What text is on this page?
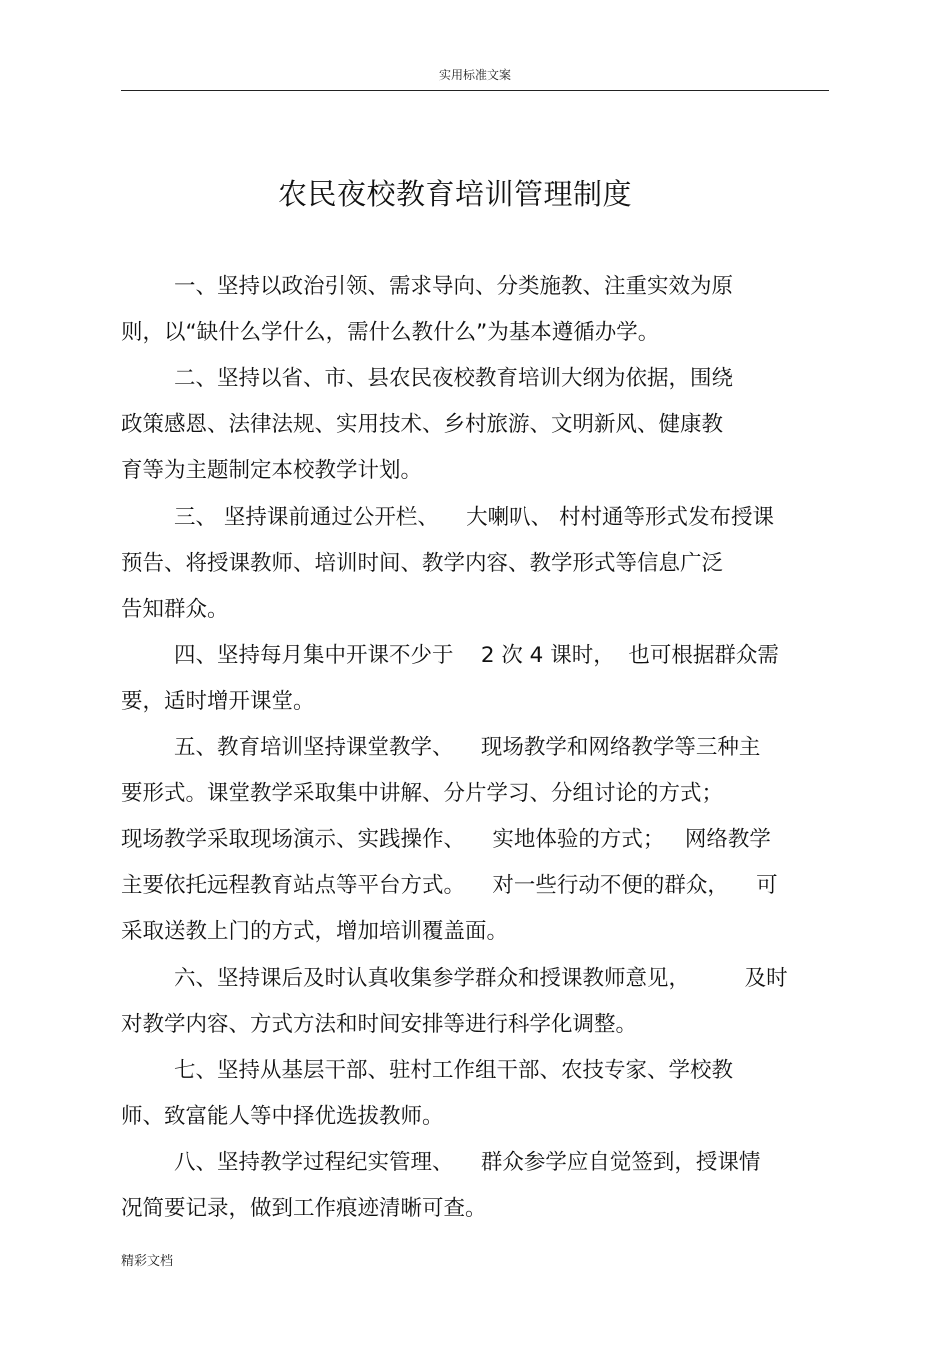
实用标准文案
农民夜校教育培训管理制度
一、坚持以政治引领、需求导向、分类施教、注重实效为原
则，以“缺什么学什么，需什么教什么”为基本遵循办学。
二、坚持以省、市、县农民夜校教育培训大纲为依据，围绕
政策感恩、法律法规、实用技术、乡村旅游、文明新风、健康教
育等为主题制定本校教学计划。
三、 坚持课前通过公开栏、    大喇叭、 村村通等形式发布授课
预告、将授课教师、培训时间、教学内容、教学形式等信息广泛
告知群众。
四、坚持每月集中开课不少于    2 次 4 课时，  也可根据群众需
要，适时增开课堂。
五、教育培训坚持课堂教学、    现场教学和网络教学等三种主
要形式。课堂教学采取集中讲解、分片学习、分组讨论的方式；
现场教学采取现场演示、实践操作、    实地体验的方式；   网络教学
主要依托远程教育站点等平台方式。    对一些行动不便的群众，    可
采取送教上门的方式，增加培训覆盖面。
六、坚持课后及时认真收集参学群众和授课教师意见，        及时
对教学内容、方式方法和时间安排等进行科学化调整。
七、坚持从基层干部、驻村工作组干部、农技专家、学校教
师、致富能人等中择优选拔教师。
八、坚持教学过程纪实管理、    群众参学应自觉签到，授课情
况简要记录，做到工作痕迹清晰可查。
精彩文档
